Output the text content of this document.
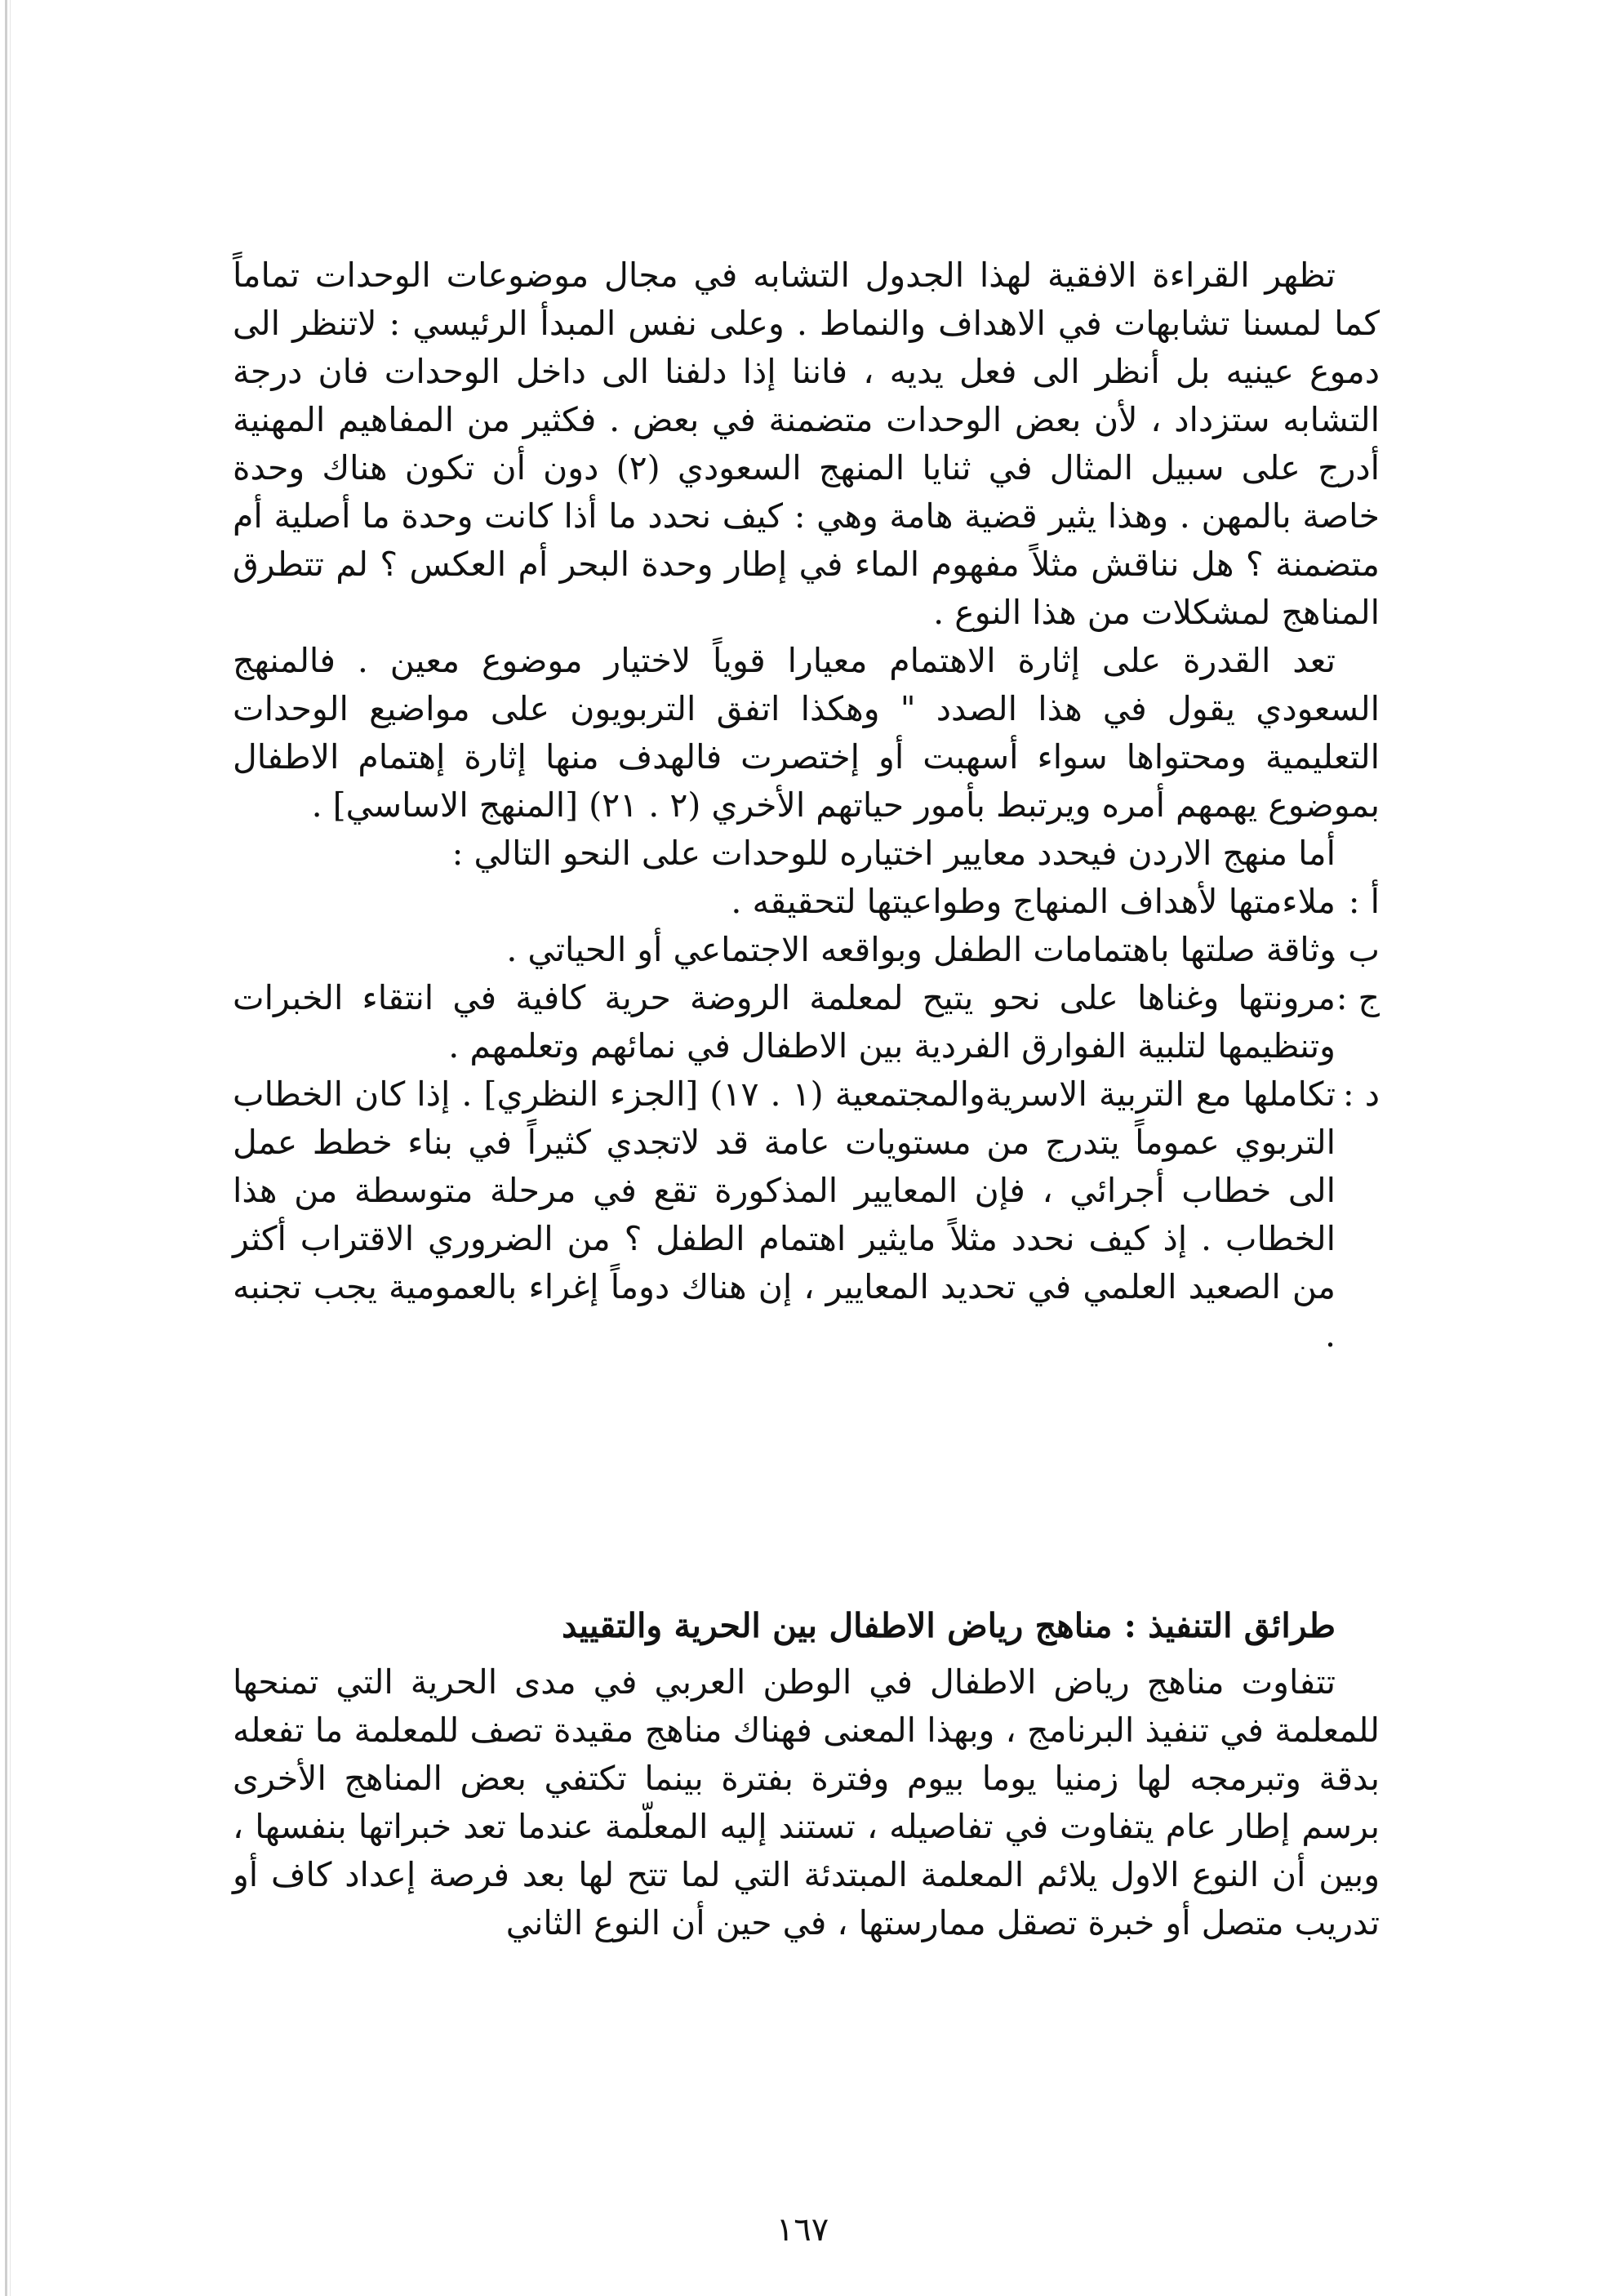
تظهر القراءة الافقية لهذا الجدول التشابه في مجال موضوعات الوحدات تماماً كما لمسنا تشابهات في الاهداف والنماط . وعلى نفس المبدأ الرئيسي : لاتنظر الى دموع عينيه بل أنظر الى فعل يديه ، فاننا إذا دلفنا الى داخل الوحدات فان درجة التشابه ستزداد ، لأن بعض الوحدات متضمنة في بعض . فكثير من المفاهيم المهنية أدرج على سبيل المثال في ثنايا المنهج السعودي (٢) دون أن تكون هناك وحدة خاصة بالمهن . وهذا يثير قضية هامة وهي : كيف نحدد ما أذا كانت وحدة ما أصلية أم متضمنة ؟ هل نناقش مثلاً مفهوم الماء في إطار وحدة البحر أم العكس ؟ لم تتطرق المناهج لمشكلات من هذا النوع .

تعد القدرة على إثارة الاهتمام معيارا قوياً لاختيار موضوع معين . فالمنهج السعودي يقول في هذا الصدد " وهكذا اتفق التربويون على مواضيع الوحدات التعليمية ومحتواها سواء أسهبت أو إختصرت فالهدف منها إثارة إهتمام الاطفال بموضوع يهمهم أمره ويرتبط بأمور حياتهم الأخري (٢ . ٢١) [المنهج الاساسي] .

أما منهج الاردن فيحدد معايير اختياره للوحدات على النحو التالي :

أ :
ملاءمتها لأهداف المنهاج وطواعيتها لتحقيقه .
ب .
وثاقة صلتها باهتمامات الطفل وبواقعه الاجتماعي أو الحياتي .
ج :
مرونتها وغناها على نحو يتيح لمعلمة الروضة حرية كافية في انتقاء الخبرات وتنظيمها لتلبية الفوارق الفردية بين الاطفال في نمائهم وتعلمهم .
د :
تكاملها مع التربية الاسريةوالمجتمعية (١ . ١٧) [الجزء النظري] . إذا كان الخطاب التربوي عموماً يتدرج من مستويات عامة قد لاتجدي كثيراً في بناء خطط عمل الى خطاب أجرائي ، فإن المعايير المذكورة تقع في مرحلة متوسطة من هذا الخطاب . إذ كيف نحدد مثلاً مايثير اهتمام الطفل ؟ من الضروري الاقتراب أكثر من الصعيد العلمي في تحديد المعايير ، إن هناك دوماً إغراء بالعمومية يجب تجنبه .

طرائق التنفيذ : مناهج رياض الاطفال بين الحرية والتقييد

تتفاوت مناهج رياض الاطفال في الوطن العربي في مدى الحرية التي تمنحها للمعلمة في تنفيذ البرنامج ، وبهذا المعنى فهناك مناهج مقيدة تصف للمعلمة ما تفعله بدقة وتبرمجه لها زمنيا يوما بيوم وفترة بفترة بينما تكتفي بعض المناهج الأخرى برسم إطار عام يتفاوت في تفاصيله ، تستند إليه المعلّمة عندما تعد خبراتها بنفسها ، وبين أن النوع الاول يلائم المعلمة المبتدئة التي لما تتح لها بعد فرصة إعداد كاف أو تدريب متصل أو خبرة تصقل ممارستها ، في حين أن النوع الثاني

١٦٧
